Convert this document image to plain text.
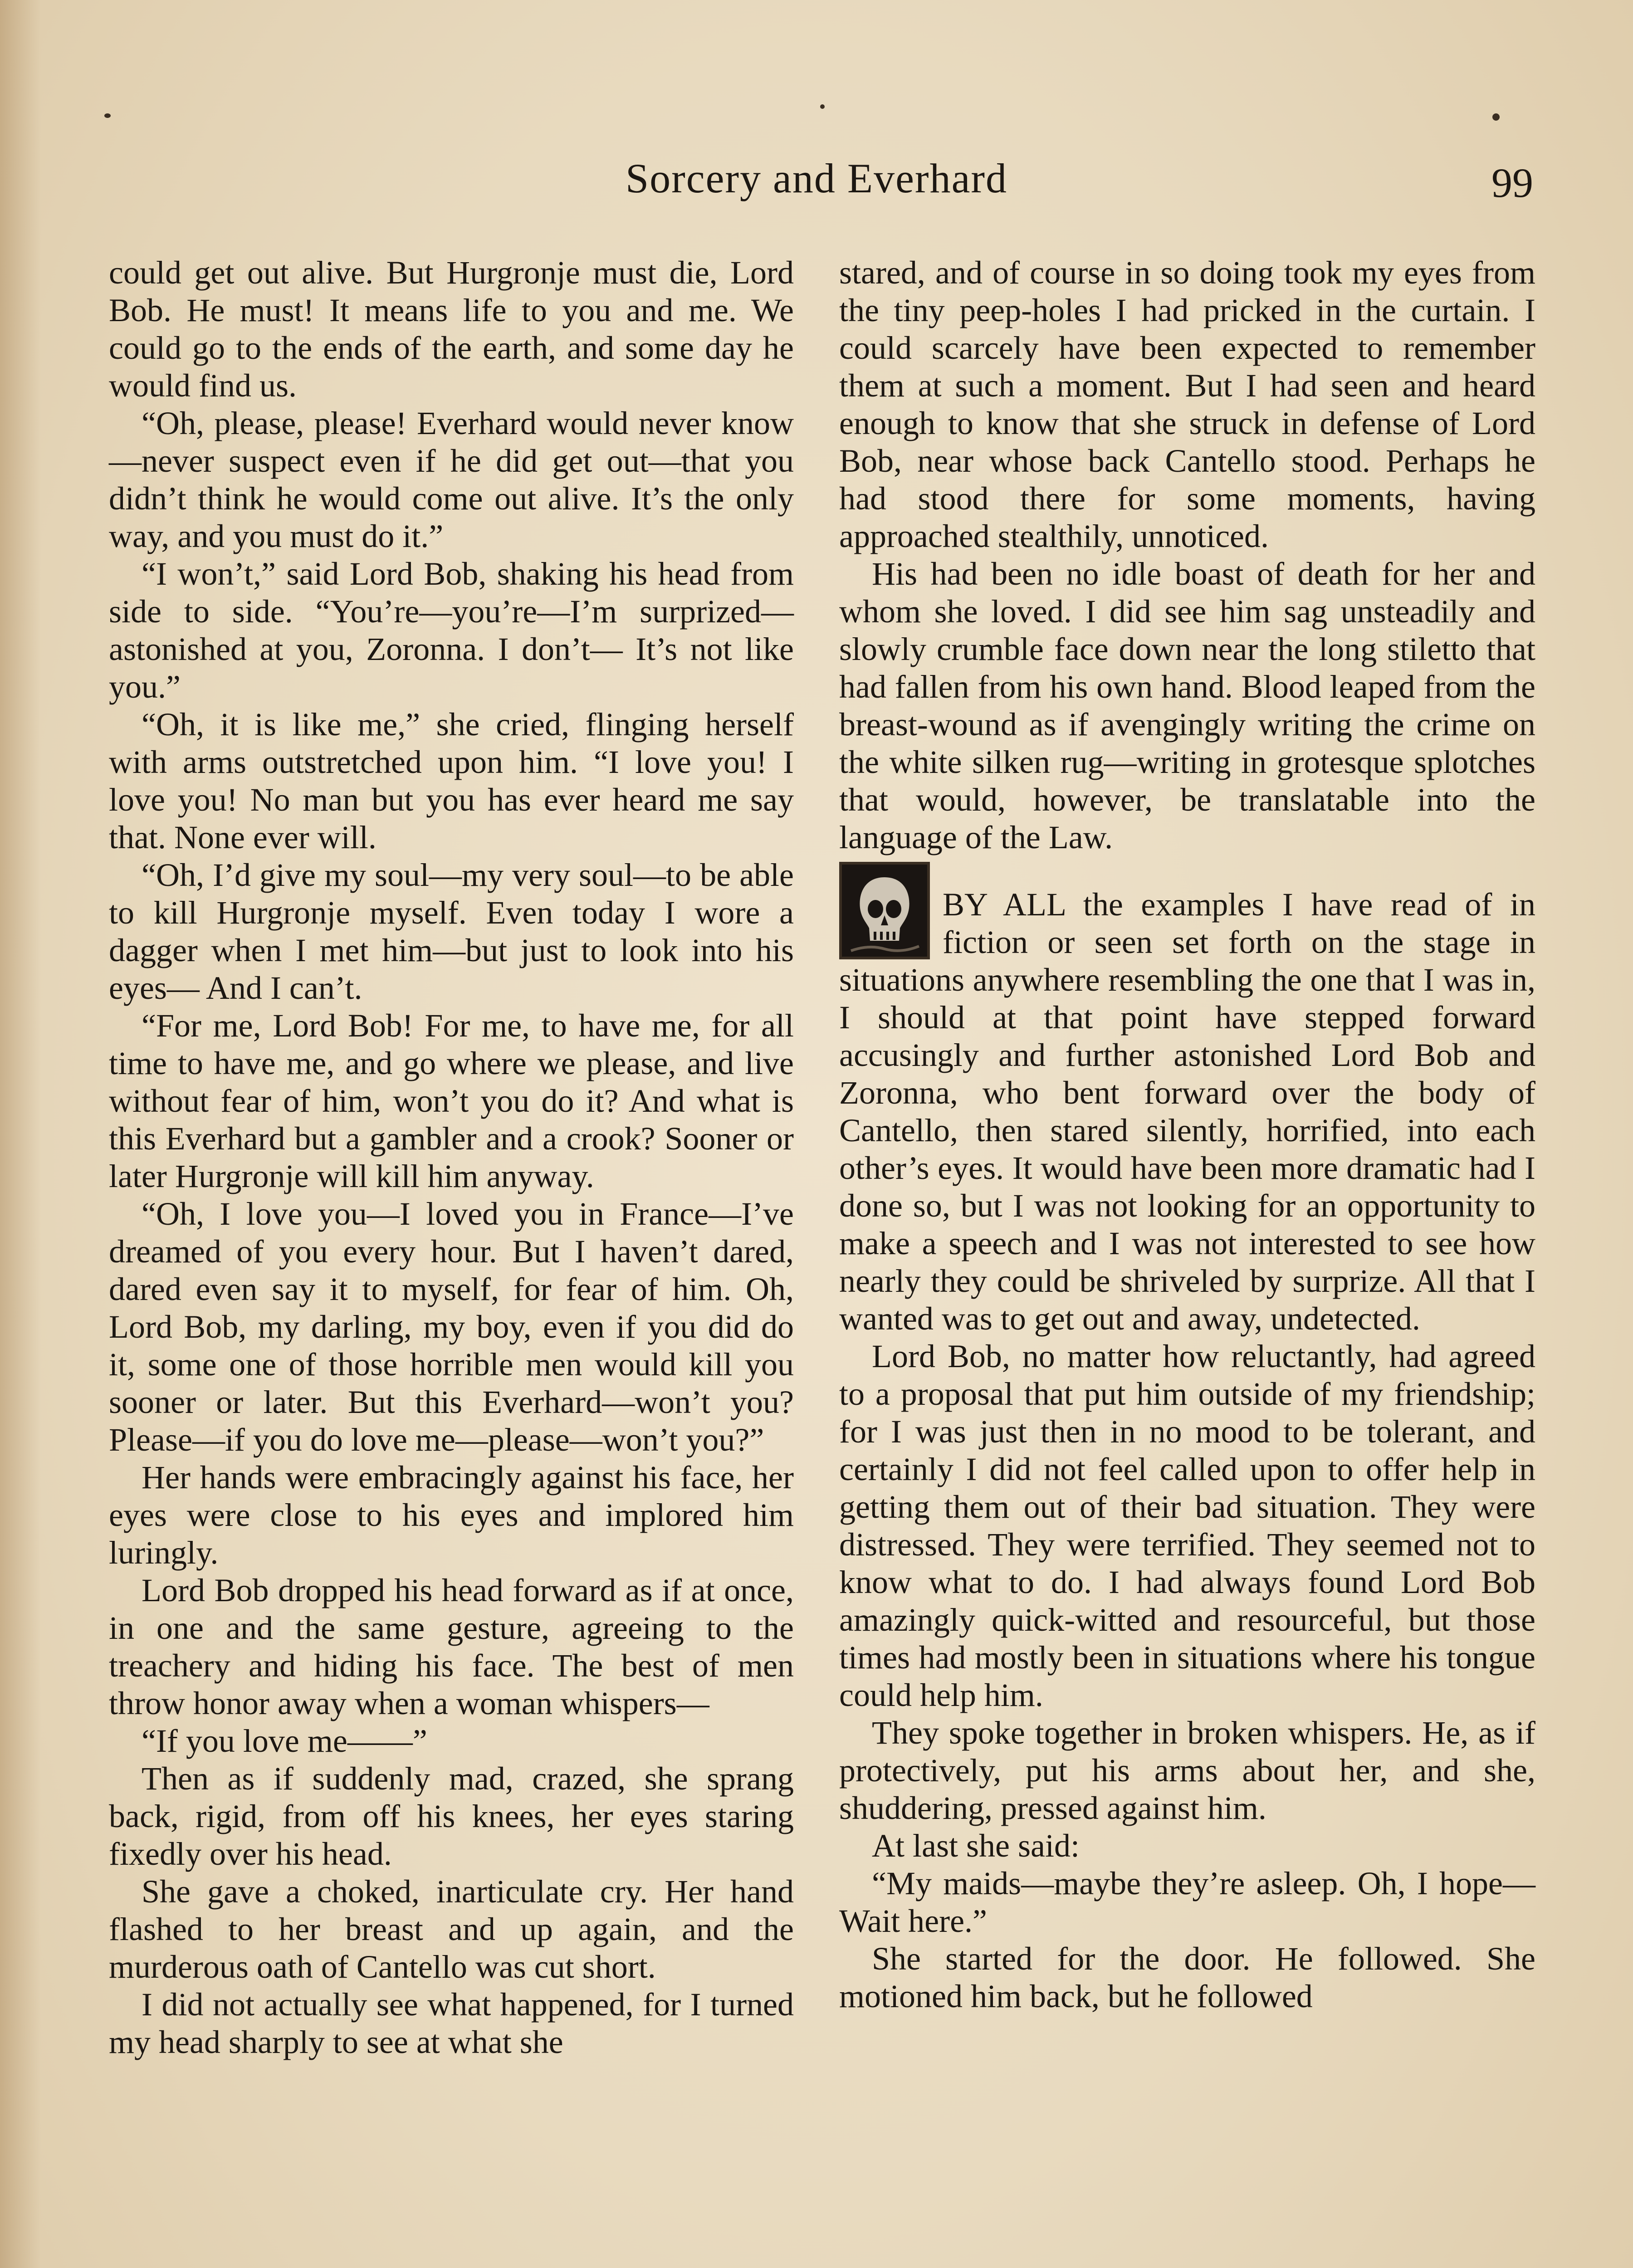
Sorcery and Everhard	99

could get out alive. But Hurgronje must die, Lord Bob. He must! It means life to you and me. We could go to the ends of the earth, and some day he would find us.

“Oh, please, please! Everhard would never know—never suspect even if he did get out—that you didn’t think he would come out alive. It’s the only way, and you must do it.”

“I won’t,” said Lord Bob, shaking his head from side to side. “You’re—you’re—I’m surprized—astonished at you, Zoronna. I don’t— It’s not like you.”

“Oh, it is like me,” she cried, flinging herself with arms outstretched upon him. “I love you! I love you! No man but you has ever heard me say that. None ever will.

“Oh, I’d give my soul—my very soul—to be able to kill Hurgronje myself. Even today I wore a dagger when I met him—but just to look into his eyes— And I can’t.

“For me, Lord Bob! For me, to have me, for all time to have me, and go where we please, and live without fear of him, won’t you do it? And what is this Everhard but a gambler and a crook? Sooner or later Hurgronje will kill him anyway.

“Oh, I love you—I loved you in France—I’ve dreamed of you every hour. But I haven’t dared, dared even say it to myself, for fear of him. Oh, Lord Bob, my darling, my boy, even if you did do it, some one of those horrible men would kill you sooner or later. But this Everhard—won’t you? Please—if you do love me—please—won’t you?”

Her hands were embracingly against his face, her eyes were close to his eyes and implored him luringly.

Lord Bob dropped his head forward as if at once, in one and the same gesture, agreeing to the treachery and hiding his face. The best of men throw honor away when a woman whispers—

“If you love me——”

Then as if suddenly mad, crazed, she sprang back, rigid, from off his knees, her eyes staring fixedly over his head.

She gave a choked, inarticulate cry. Her hand flashed to her breast and up again, and the murderous oath of Cantello was cut short.

I did not actually see what happened, for I turned my head sharply to see at what she

stared, and of course in so doing took my eyes from the tiny peep-holes I had pricked in the curtain. I could scarcely have been expected to remember them at such a moment. But I had seen and heard enough to know that she struck in defense of Lord Bob, near whose back Cantello stood. Perhaps he had stood there for some moments, having approached stealthily, unnoticed.

His had been no idle boast of death for her and whom she loved. I did see him sag unsteadily and slowly crumble face down near the long stiletto that had fallen from his own hand. Blood leaped from the breast-wound as if avengingly writing the crime on the white silken rug—writing in grotesque splotches that would, however, be translatable into the language of the Law.

BY ALL the examples I have read of in fiction or seen set forth on the stage in situations anywhere resembling the one that I was in, I should at that point have stepped forward accusingly and further astonished Lord Bob and Zoronna, who bent forward over the body of Cantello, then stared silently, horrified, into each other’s eyes. It would have been more dramatic had I done so, but I was not looking for an opportunity to make a speech and I was not interested to see how nearly they could be shriveled by surprize. All that I wanted was to get out and away, undetected.

Lord Bob, no matter how reluctantly, had agreed to a proposal that put him outside of my friendship; for I was just then in no mood to be tolerant, and certainly I did not feel called upon to offer help in getting them out of their bad situation. They were distressed. They were terrified. They seemed not to know what to do. I had always found Lord Bob amazingly quick-witted and resourceful, but those times had mostly been in situations where his tongue could help him.

They spoke together in broken whispers. He, as if protectively, put his arms about her, and she, shuddering, pressed against him.

At last she said:

“My maids—maybe they’re asleep. Oh, I hope— Wait here.”

She started for the door. He followed. She motioned him back, but he followed
